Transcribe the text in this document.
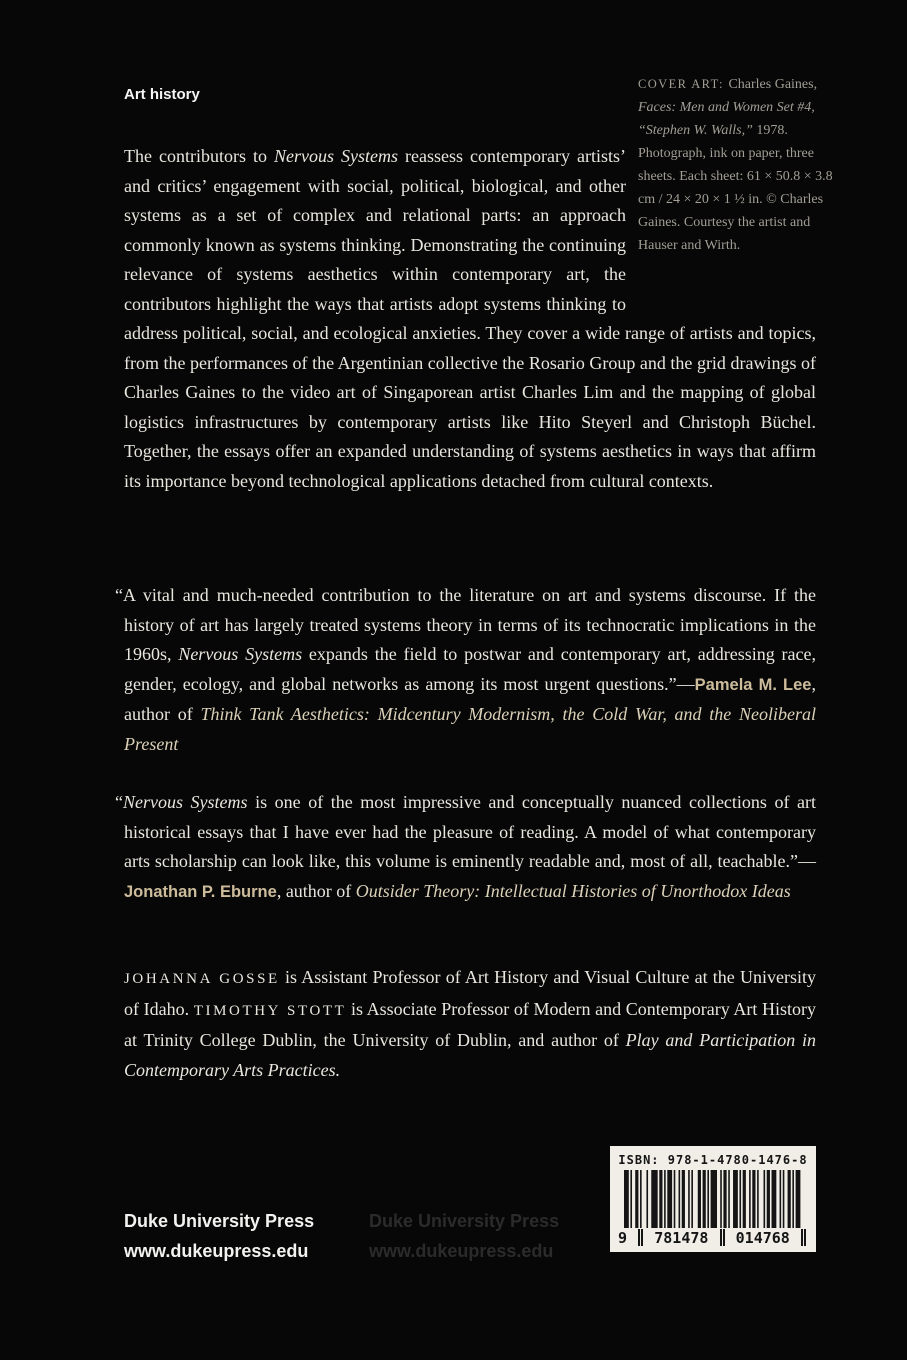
Art history
COVER ART: Charles Gaines, Faces: Men and Women Set #4, “Stephen W. Walls,” 1978. Photograph, ink on paper, three sheets. Each sheet: 61 × 50.8 × 3.8 cm / 24 × 20 × 1 ½ in. © Charles Gaines. Courtesy the artist and Hauser and Wirth.
The contributors to Nervous Systems reassess contemporary artists’ and critics’ engagement with social, political, biological, and other systems as a set of complex and relational parts: an approach commonly known as systems thinking. Demonstrating the continuing relevance of systems aesthetics within contemporary art, the contributors highlight the ways that artists adopt systems thinking to address political, social, and ecological anxieties. They cover a wide range of artists and topics, from the performances of the Argentinian collective the Rosario Group and the grid drawings of Charles Gaines to the video art of Singaporean artist Charles Lim and the mapping of global logistics infrastructures by contemporary artists like Hito Steyerl and Christoph Büchel. Together, the essays offer an expanded understanding of systems aesthetics in ways that affirm its importance beyond technological applications detached from cultural contexts.
“A vital and much-needed contribution to the literature on art and systems discourse. If the history of art has largely treated systems theory in terms of its technocratic implications in the 1960s, Nervous Systems expands the field to postwar and contemporary art, addressing race, gender, ecology, and global networks as among its most urgent questions.”—Pamela M. Lee, author of Think Tank Aesthetics: Midcentury Modernism, the Cold War, and the Neoliberal Present
“Nervous Systems is one of the most impressive and conceptually nuanced collections of art historical essays that I have ever had the pleasure of reading. A model of what contemporary arts scholarship can look like, this volume is eminently readable and, most of all, teachable.”—Jonathan P. Eburne, author of Outsider Theory: Intellectual Histories of Unorthodox Ideas
JOHANNA GOSSE is Assistant Professor of Art History and Visual Culture at the University of Idaho. TIMOTHY STOTT is Associate Professor of Modern and Contemporary Art History at Trinity College Dublin, the University of Dublin, and author of Play and Participation in Contemporary Arts Practices.
Duke University Press
www.dukeupress.edu
Duke University Press
www.dukeupress.edu
ISBN: 978-1-4780-1476-8
9 781478 014768
